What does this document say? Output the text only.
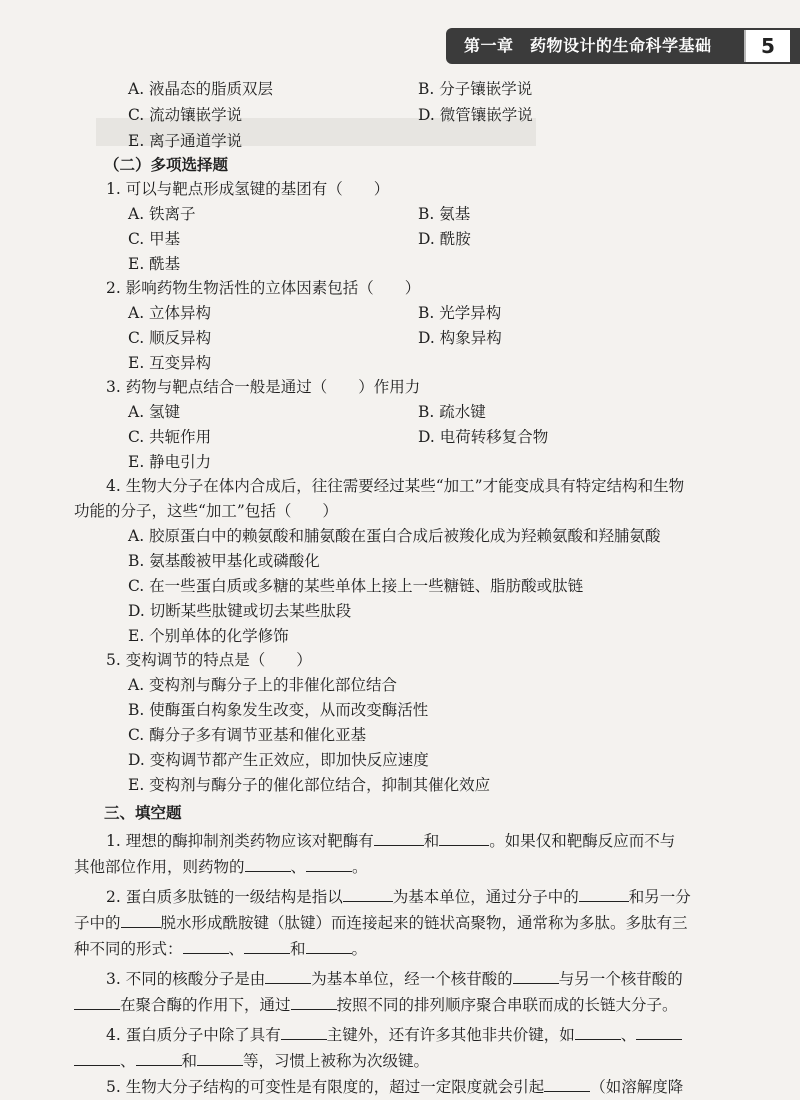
第一章　药物设计的生命科学基础	5
A. 液晶态的脂质双层	B. 分子镶嵌学说
C. 流动镶嵌学说	D. 微管镶嵌学说
E. 离子通道学说
（二）多项选择题
1. 可以与靶点形成氢键的基团有（　　）
A. 铁离子	B. 氨基
C. 甲基	D. 酰胺
E. 酰基
2. 影响药物生物活性的立体因素包括（　　）
A. 立体异构	B. 光学异构
C. 顺反异构	D. 构象异构
E. 互变异构
3. 药物与靶点结合一般是通过（　　）作用力
A. 氢键	B. 疏水键
C. 共轭作用	D. 电荷转移复合物
E. 静电引力
4. 生物大分子在体内合成后，往往需要经过某些“加工”才能变成具有特定结构和生物
功能的分子，这些“加工”包括（　　）
A. 胶原蛋白中的赖氨酸和脯氨酸在蛋白合成后被羧化成为羟赖氨酸和羟脯氨酸
B. 氨基酸被甲基化或磷酸化
C. 在一些蛋白质或多糖的某些单体上接上一些糖链、脂肪酸或肽链
D. 切断某些肽键或切去某些肽段
E. 个别单体的化学修饰
5. 变构调节的特点是（　　）
A. 变构剂与酶分子上的非催化部位结合
B. 使酶蛋白构象发生改变，从而改变酶活性
C. 酶分子多有调节亚基和催化亚基
D. 变构调节都产生正效应，即加快反应速度
E. 变构剂与酶分子的催化部位结合，抑制其催化效应
三、填空题
1. 理想的酶抑制剂类药物应该对靶酶有	和	。如果仅和靶酶反应而不与
其他部位作用，则药物的	、	。
2. 蛋白质多肽链的一级结构是指以	为基本单位，通过分子中的	和另一分
子中的	脱水形成酰胺键（肽键）而连接起来的链状高聚物，通常称为多肽。多肽有三
种不同的形式：	、	和	。
3. 不同的核酸分子是由	为基本单位，经一个核苷酸的	与另一个核苷酸的
在聚合酶的作用下，通过	按照不同的排列顺序聚合串联而成的长链大分子。
4. 蛋白质分子中除了具有	主键外，还有许多其他非共价键，如	、
、	和	等，习惯上被称为次级键。
5. 生物大分子结构的可变性是有限度的，超过一定限度就会引起	（如溶解度降
